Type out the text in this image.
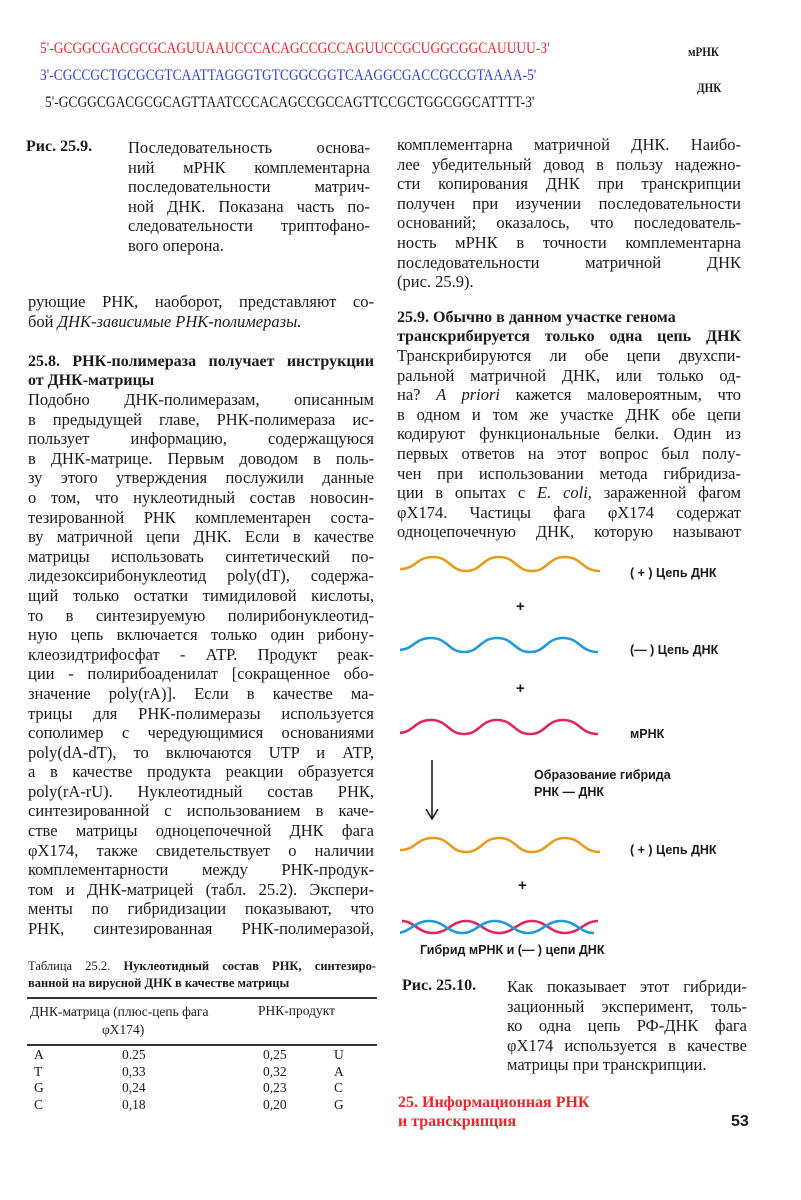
5'-GCGGCGACGCGCAGUUAAUCCCACAGCCGCCAGUUCCGCUGGCGGCAUUUU-3'
3'-CGCCGCTGCGCGTCAATTAGGGTGTCGGCGGTCAAGGCGACCGCCGTAAAA-5'
5'-GCGGCGACGCGCAGTTAATCCCACAGCCGCCAGTTCCGCTGGCGGCATTTT-3'
мРНК
ДНК
Рис. 25.9. Последовательность основа-
ний мРНК комплементарна
последовательности матрич-
ной ДНК. Показана часть по-
следовательности триптофано-
вого оперона.
рующие РНК, наоборот, представляют со-
бой ДНК-зависимые РНК-полимеразы.
25.8. РНК-полимераза получает инструкции
от ДНК-матрицы
Подобно ДНК-полимеразам, описанным
в предыдущей главе, РНК-полимераза ис-
пользует информацию, содержащуюся
в ДНК-матрице. Первым доводом в поль-
зу этого утверждения послужили данные
о том, что нуклеотидный состав новосин-
тезированной РНК комплементарен соста-
ву матричной цепи ДНК. Если в качестве
матрицы использовать синтетический по-
лидезоксирибонуклеотид poly(dT), содержа-
щий только остатки тимидиловой кислоты,
то в синтезируемую полирибонуклеотид-
ную цепь включается только один рибону-
клеозидтрифосфат - АТР. Продукт реак-
ции - полирибоаденилат [сокращенное обо-
значение poly(rA)]. Если в качестве ма-
трицы для РНК-полимеразы используется
сополимер с чередующимися основаниями
poly(dA-dT), то включаются UTP и АТР,
а в качестве продукта реакции образуется
poly(rA-rU). Нуклеотидный состав РНК,
синтезированной с использованием в каче-
стве матрицы одноцепочечной ДНК фага
φX174, также свидетельствует о наличии
комплементарности между РНК-продук-
том и ДНК-матрицей (табл. 25.2). Экспери-
менты по гибридизации показывают, что
РНК, синтезированная РНК-полимеразой,
Таблица 25.2. Нуклеотидный состав РНК, синтезиро-
ванной на вирусной ДНК в качестве матрицы
ДНК-матрица (плюс-цепь фага
φX174)
РНК-продукт
A	0.25	0,25	U
T	0,33	0,32	A
G	0,24	0,23	C
C	0,18	0,20	G
комплементарна матричной ДНК. Наибо-
лее убедительный довод в пользу надежно-
сти копирования ДНК при транскрипции
получен при изучении последовательности
оснований; оказалось, что последователь-
ность мРНК в точности комплементарна
последовательности матричной ДНК
(рис. 25.9).
25.9. Обычно в данном участке генома
транскрибируется только одна цепь ДНК
Транскрибируются ли обе цепи двухспи-
ральной матричной ДНК, или только од-
на? A priori кажется маловероятным, что
в одном и том же участке ДНК обе цепи
кодируют функциональные белки. Один из
первых ответов на этот вопрос был полу-
чен при использовании метода гибридиза-
ции в опытах с E. coli, зараженной фагом
φX174. Частицы фага φX174 содержат
одноцепочечную ДНК, которую называют
( + ) Цепь ДНК
+
(— ) Цепь ДНК
+
мРНК
Образование гибрида
РНК — ДНК
( + ) Цепь ДНК
+
Гибрид мРНК и (— ) цепи ДНК
Рис. 25.10. Как показывает этот гибриди-
зационный эксперимент, толь-
ко одна цепь РФ-ДНК фага
φX174 используется в качестве
матрицы при транскрипции.
25. Информационная РНК
и транскрипция	53
